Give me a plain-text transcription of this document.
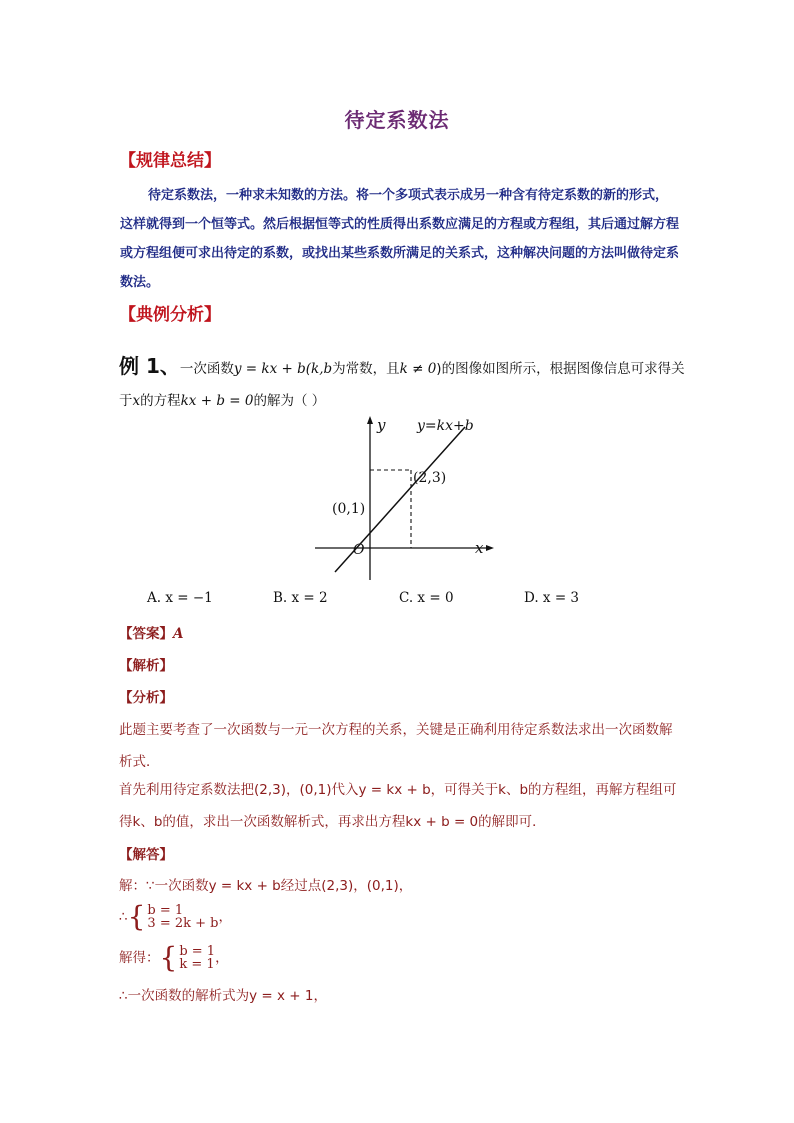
待定系数法
【规律总结】

待定系数法，一种求未知数的方法。将一个多项式表示成另一种含有待定系数的新的形式，这样就得到一个恒等式。然后根据恒等式的性质得出系数应满足的方程或方程组，其后通过解方程或方程组便可求出待定的系数，或找出某些系数所满足的关系式，这种解决问题的方法叫做待定系数法。

【典例分析】

例 1、一次函数y = kx + b(k,b为常数，且k ≠ 0)的图像如图所示，根据图像信息可求得关于x的方程kx + b = 0的解为（ ）

y
x
O
y=kx+b
(0,1)
(2,3)
A. x = −1	B. x = 2	C. x = 0	D. x = 3
【答案】A
【解析】
【分析】

此题主要考查了一次函数与一元一次方程的关系，关键是正确利用待定系数法求出一次函数解析式．

首先利用待定系数法把(2,3)，(0,1)代入y = kx + b，可得关于k、b的方程组，再解方程组可得k、b的值，求出一次函数解析式，再求出方程kx + b = 0的解即可．

【解答】

解：∵一次函数y = kx + b经过点(2,3)，(0,1)，

∴{ b = 1
3 = 2k + b，
解得：{ b = 1
k = 1，

∴一次函数的解析式为y = x + 1，
